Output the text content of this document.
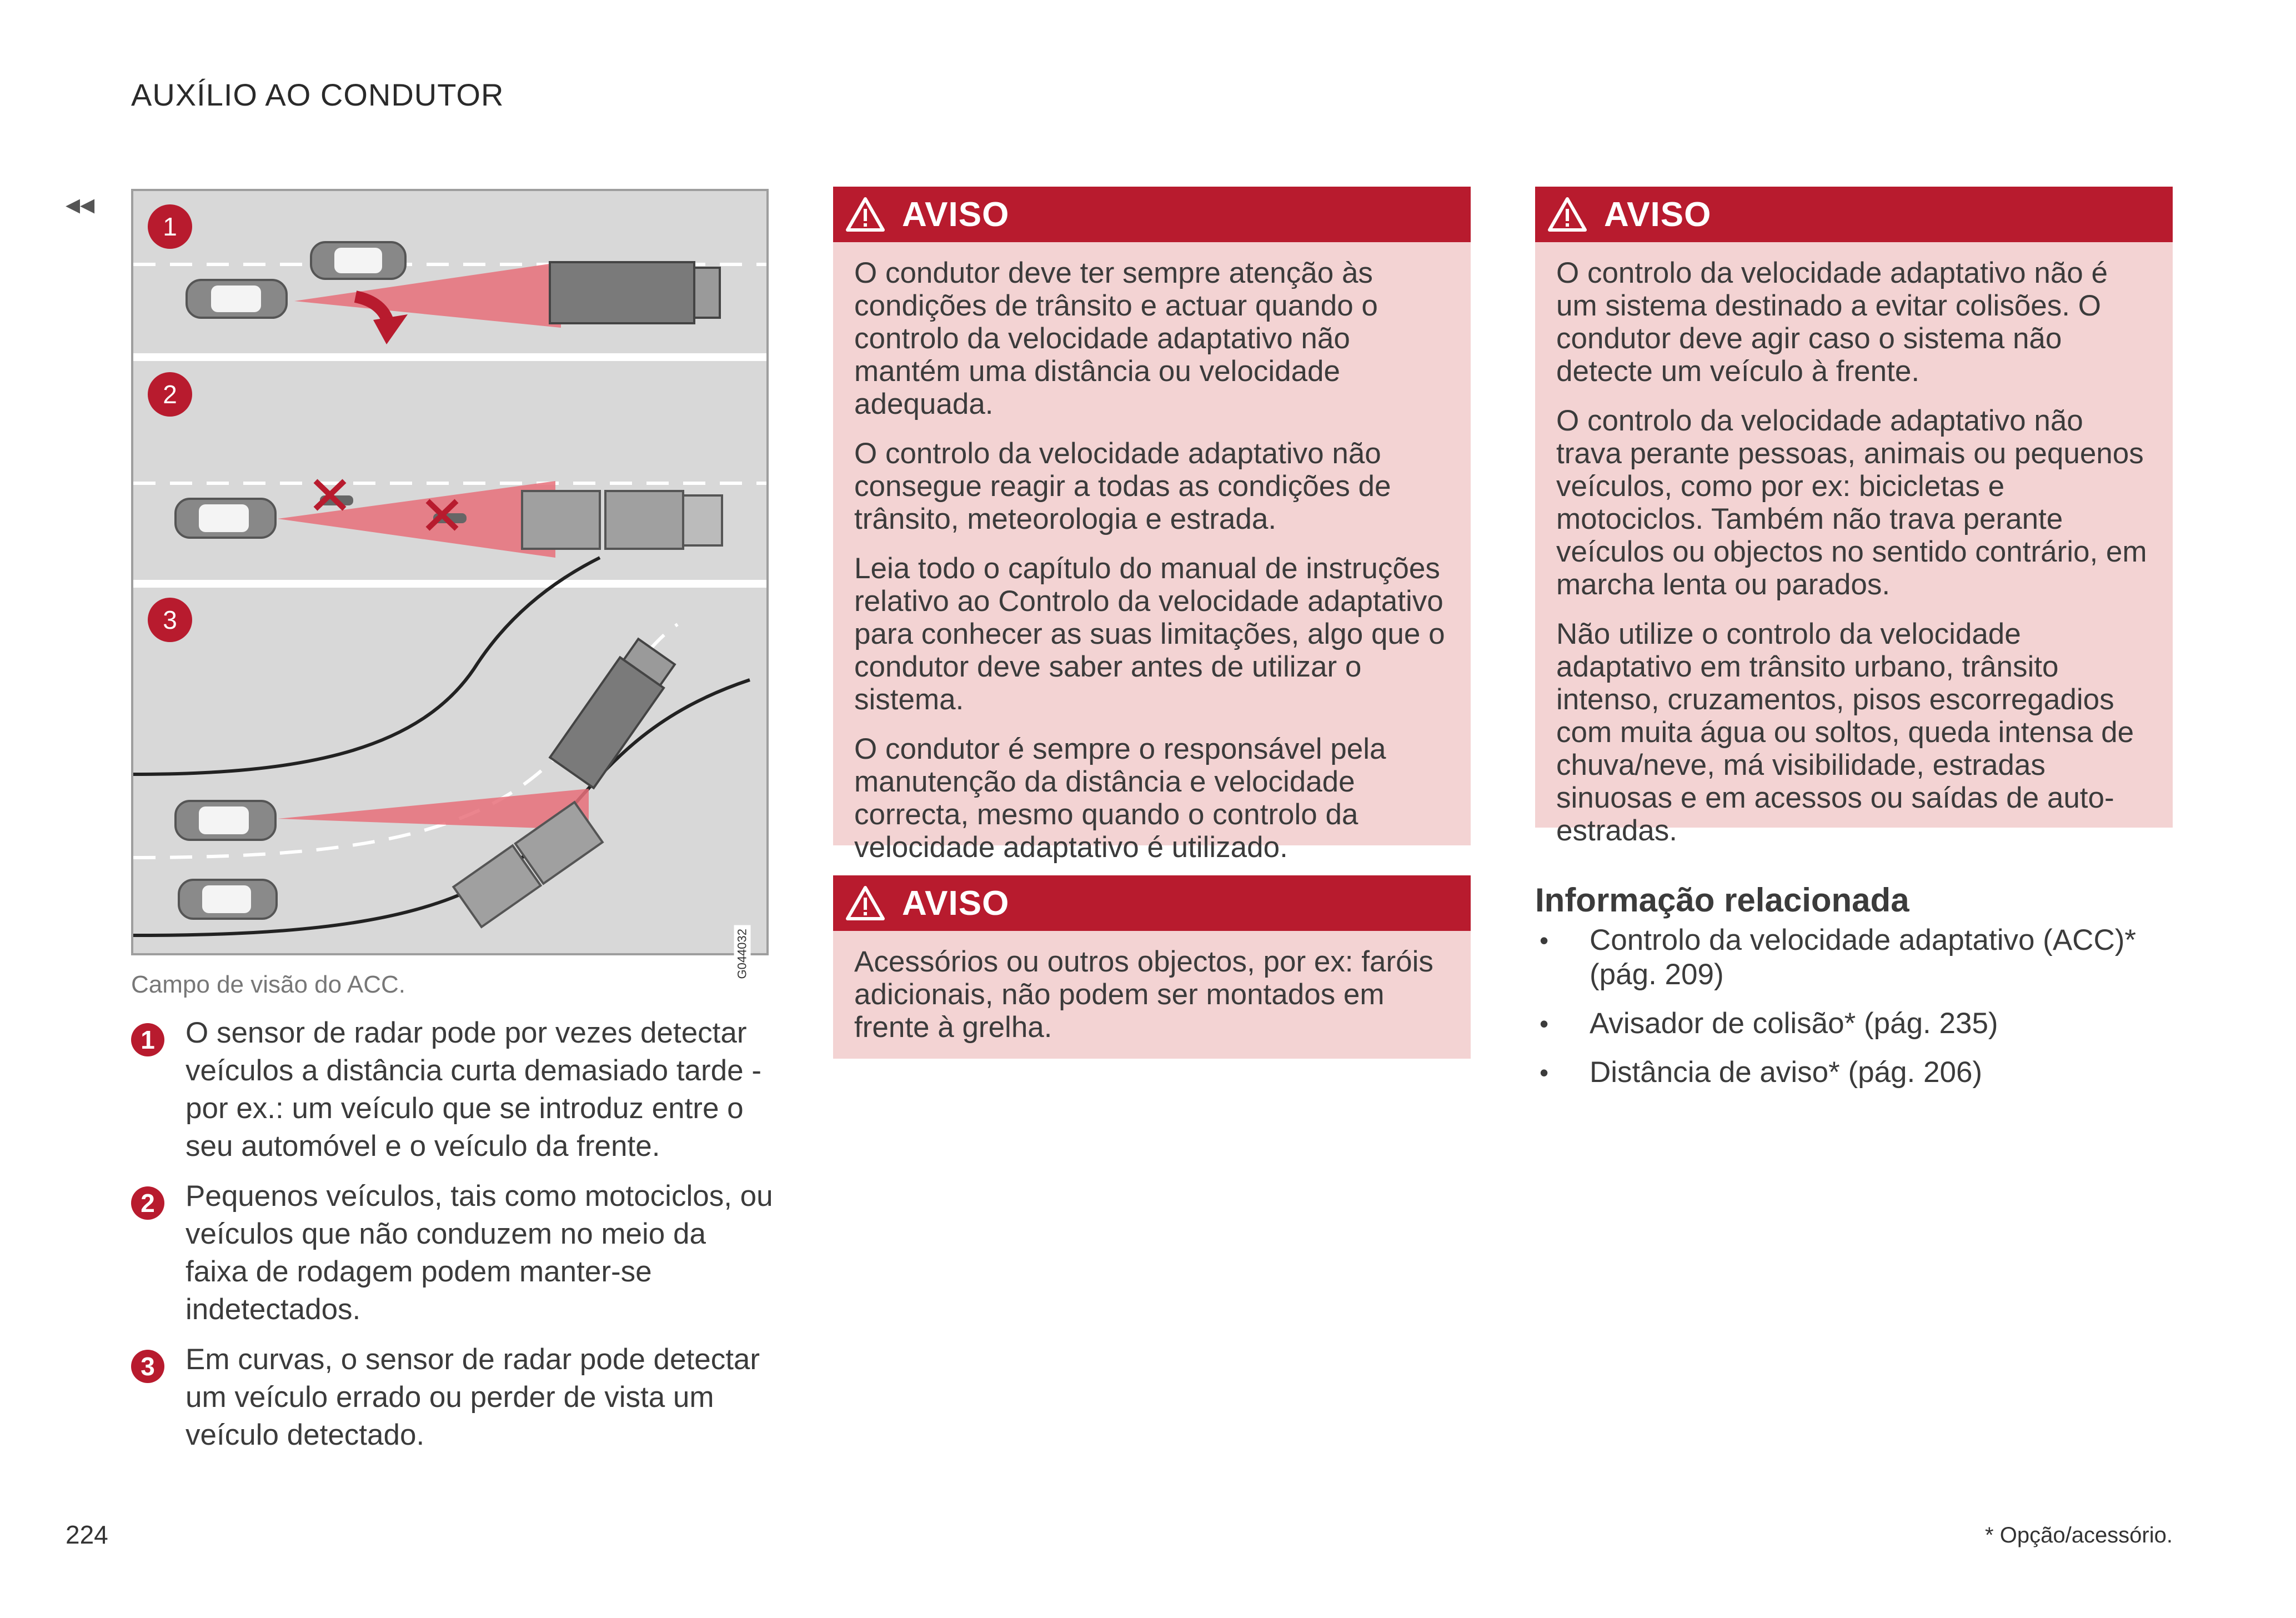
AUXÍLIO AO CONDUTOR
◂◂
1
2
3
G044032
Campo de visão do ACC.
1	O sensor de radar pode por vezes detectar veículos a distância curta demasiado tarde - por ex.: um veículo que se introduz entre o seu automóvel e o veículo da frente.
2	Pequenos veículos, tais como motociclos, ou veículos que não conduzem no meio da faixa de rodagem podem manter-se indetectados.
3	Em curvas, o sensor de radar pode detectar um veículo errado ou perder de vista um veículo detectado.
AVISO

O condutor deve ter sempre atenção às condições de trânsito e actuar quando o controlo da velocidade adaptativo não mantém uma distância ou velocidade adequada.

O controlo da velocidade adaptativo não consegue reagir a todas as condições de trânsito, meteorologia e estrada.

Leia todo o capítulo do manual de instruções relativo ao Controlo da velocidade adaptativo para conhecer as suas limitações, algo que o condutor deve saber antes de utilizar o sistema.

O condutor é sempre o responsável pela manutenção da distância e velocidade correcta, mesmo quando o controlo da velocidade adaptativo é utilizado.

AVISO

Acessórios ou outros objectos, por ex: faróis adicionais, não podem ser montados em frente à grelha.

AVISO

O controlo da velocidade adaptativo não é um sistema destinado a evitar colisões. O condutor deve agir caso o sistema não detecte um veículo à frente.

O controlo da velocidade adaptativo não trava perante pessoas, animais ou pequenos veículos, como por ex: bicicletas e motociclos. Também não trava perante veículos ou objectos no sentido contrário, em marcha lenta ou parados.

Não utilize o controlo da velocidade adaptativo em trânsito urbano, trânsito intenso, cruzamentos, pisos escorregadios com muita água ou soltos, queda intensa de chuva/neve, má visibilidade, estradas sinuosas e em acessos ou saídas de auto-estradas.

Informação relacionada
• Controlo da velocidade adaptativo (ACC)* (pág. 209)
• Avisador de colisão* (pág. 235)
• Distância de aviso* (pág. 206)
224	* Opção/acessório.
